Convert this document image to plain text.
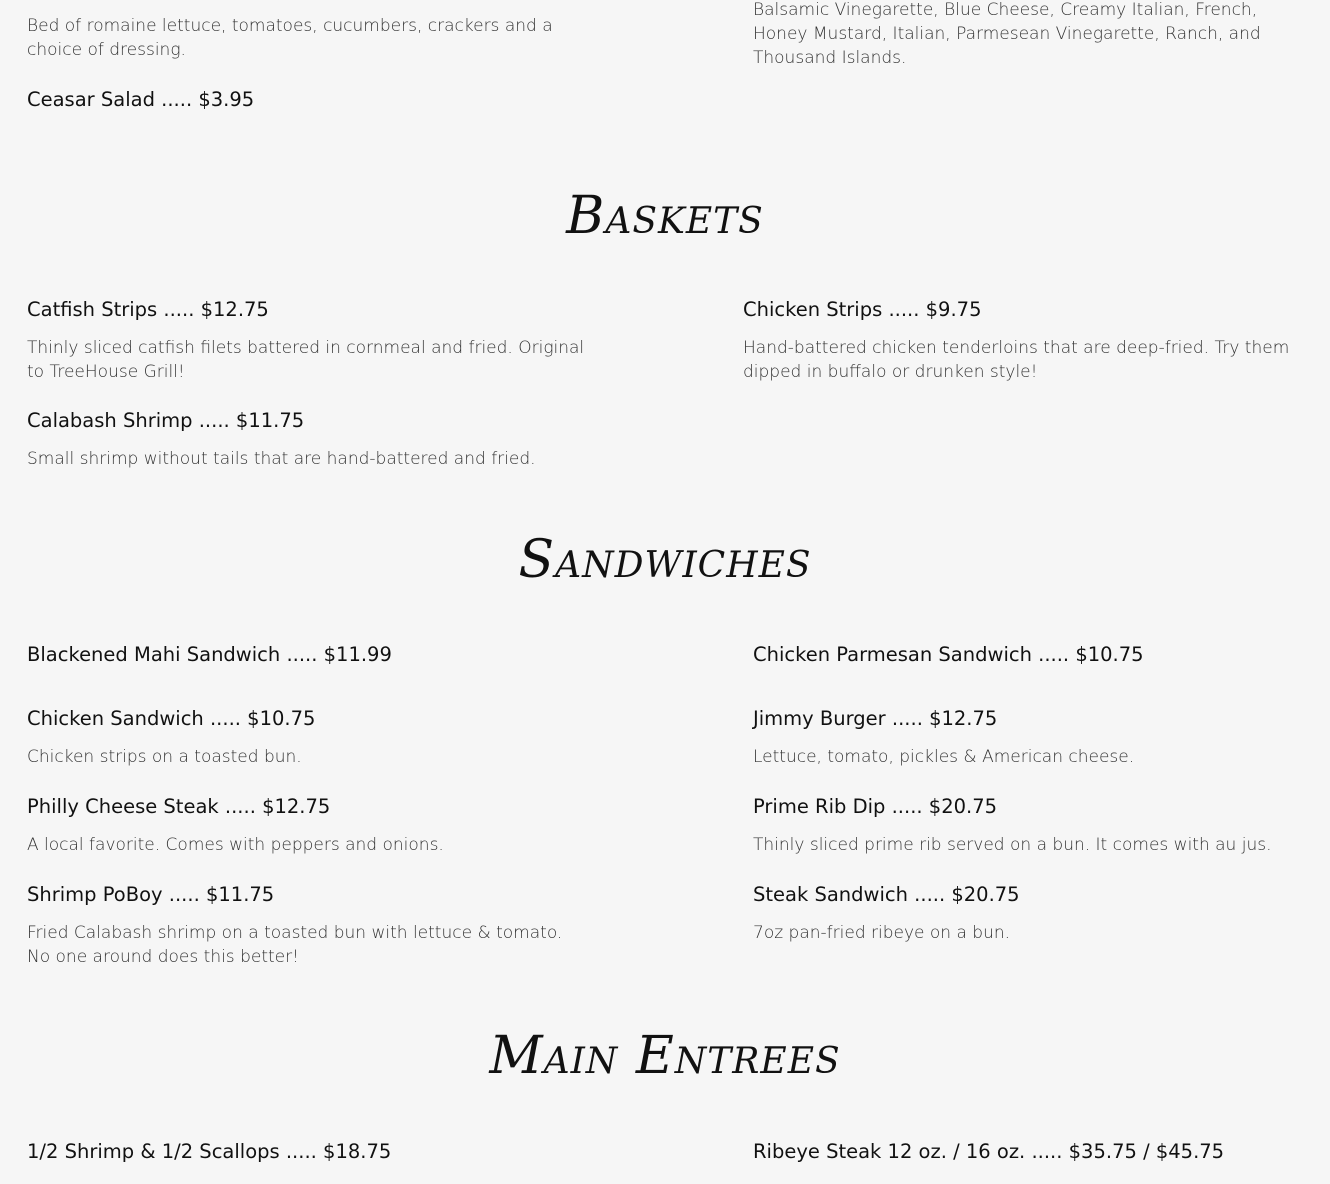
Bed of romaine lettuce, tomatoes, cucumbers, crackers and a choice of dressing.
Ceasar Salad ..... $3.95
Balsamic Vinegarette, Blue Cheese, Creamy Italian, French, Honey Mustard, Italian, Parmesean Vinegarette, Ranch, and Thousand Islands.
Baskets
Catfish Strips ..... $12.75
Thinly sliced catfish filets battered in cornmeal and fried. Original to TreeHouse Grill!
Chicken Strips ..... $9.75
Hand-battered chicken tenderloins that are deep-fried. Try them dipped in buffalo or drunken style!
Calabash Shrimp ..... $11.75
Small shrimp without tails that are hand-battered and fried.
Sandwiches
Blackened Mahi Sandwich ..... $11.99	Chicken Parmesan Sandwich ..... $10.75
Chicken Sandwich ..... $10.75
Chicken strips on a toasted bun.
Jimmy Burger ..... $12.75
Lettuce, tomato, pickles & American cheese.
Philly Cheese Steak ..... $12.75
A local favorite. Comes with peppers and onions.
Prime Rib Dip ..... $20.75
Thinly sliced prime rib served on a bun. It comes with au jus.
Shrimp PoBoy ..... $11.75
Fried Calabash shrimp on a toasted bun with lettuce & tomato. No one around does this better!
Steak Sandwich ..... $20.75
7oz pan-fried ribeye on a bun.
Main Entrees
1/2 Shrimp & 1/2 Scallops ..... $18.75	Ribeye Steak 12 oz. / 16 oz. ..... $35.75 / $45.75
